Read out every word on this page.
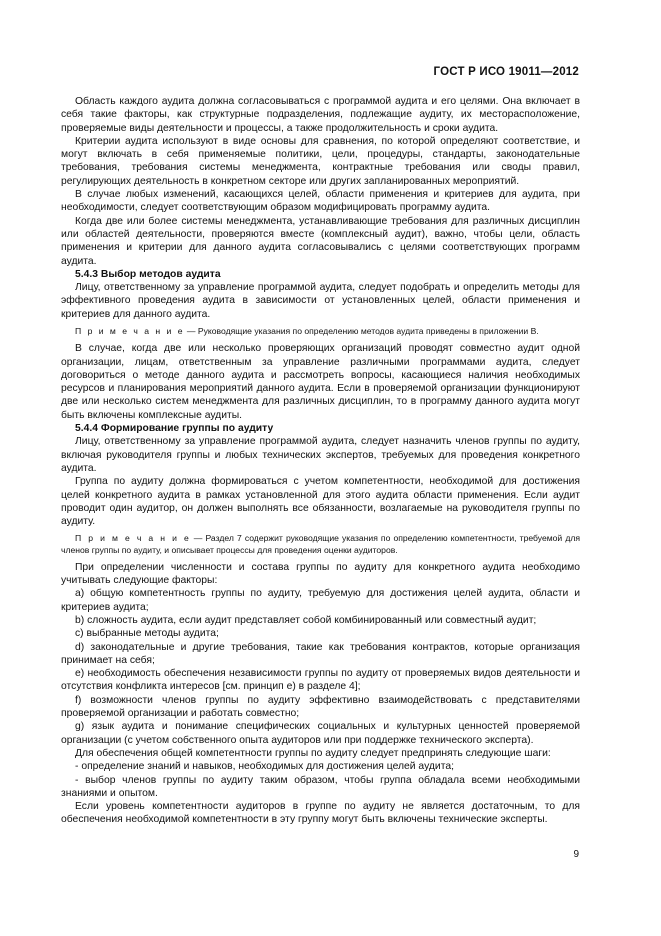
ГОСТ Р ИСО 19011—2012

Область каждого аудита должна согласовываться с программой аудита и его целями. Она включает в себя такие факторы, как структурные подразделения, подлежащие аудиту, их месторасположение, проверяемые виды деятельности и процессы, а также продолжительность и сроки аудита.

Критерии аудита используют в виде основы для сравнения, по которой определяют соответствие, и могут включать в себя применяемые политики, цели, процедуры, стандарты, законодательные требования, требования системы менеджмента, контрактные требования или своды правил, регулирующих деятельность в конкретном секторе или других запланированных мероприятий.

В случае любых изменений, касающихся целей, области применения и критериев для аудита, при необходимости, следует соответствующим образом модифицировать программу аудита.

Когда две или более системы менеджмента, устанавливающие требования для различных дисциплин или областей деятельности, проверяются вместе (комплексный аудит), важно, чтобы цели, область применения и критерии для данного аудита согласовывались с целями соответствующих программ аудита.

5.4.3 Выбор методов аудита

Лицу, ответственному за управление программой аудита, следует подобрать и определить методы для эффективного проведения аудита в зависимости от установленных целей, области применения и критериев для данного аудита.

П р и м е ч а н и е — Руководящие указания по определению методов аудита приведены в приложении В.

В случае, когда две или несколько проверяющих организаций проводят совместно аудит одной организации, лицам, ответственным за управление различными программами аудита, следует договориться о методе данного аудита и рассмотреть вопросы, касающиеся наличия необходимых ресурсов и планирования мероприятий данного аудита. Если в проверяемой организации функционируют две или несколько систем менеджмента для различных дисциплин, то в программу данного аудита могут быть включены комплексные аудиты.

5.4.4 Формирование группы по аудиту

Лицу, ответственному за управление программой аудита, следует назначить членов группы по аудиту, включая руководителя группы и любых технических экспертов, требуемых для проведения конкретного аудита.

Группа по аудиту должна формироваться с учетом компетентности, необходимой для достижения целей конкретного аудита в рамках установленной для этого аудита области применения. Если аудит проводит один аудитор, он должен выполнять все обязанности, возлагаемые на руководителя группы по аудиту.

П р и м е ч а н и е — Раздел 7 содержит руководящие указания по определению компетентности, требуемой для членов группы по аудиту, и описывает процессы для проведения оценки аудиторов.

При определении численности и состава группы по аудиту для конкретного аудита необходимо учитывать следующие факторы:

a) общую компетентность группы по аудиту, требуемую для достижения целей аудита, области и критериев аудита;

b) сложность аудита, если аудит представляет собой комбинированный или совместный аудит;

c) выбранные методы аудита;

d) законодательные и другие требования, такие как требования контрактов, которые организация принимает на себя;

e) необходимость обеспечения независимости группы по аудиту от проверяемых видов деятельности и отсутствия конфликта интересов [см. принцип е) в разделе 4];

f) возможности членов группы по аудиту эффективно взаимодействовать с представителями проверяемой организации и работать совместно;

g) язык аудита и понимание специфических социальных и культурных ценностей проверяемой организации (с учетом собственного опыта аудиторов или при поддержке технического эксперта).

Для обеспечения общей компетентности группы по аудиту следует предпринять следующие шаги:

- определение знаний и навыков, необходимых для достижения целей аудита;

- выбор членов группы по аудиту таким образом, чтобы группа обладала всеми необходимыми знаниями и опытом.

Если уровень компетентности аудиторов в группе по аудиту не является достаточным, то для обеспечения необходимой компетентности в эту группу могут быть включены технические эксперты.

9
